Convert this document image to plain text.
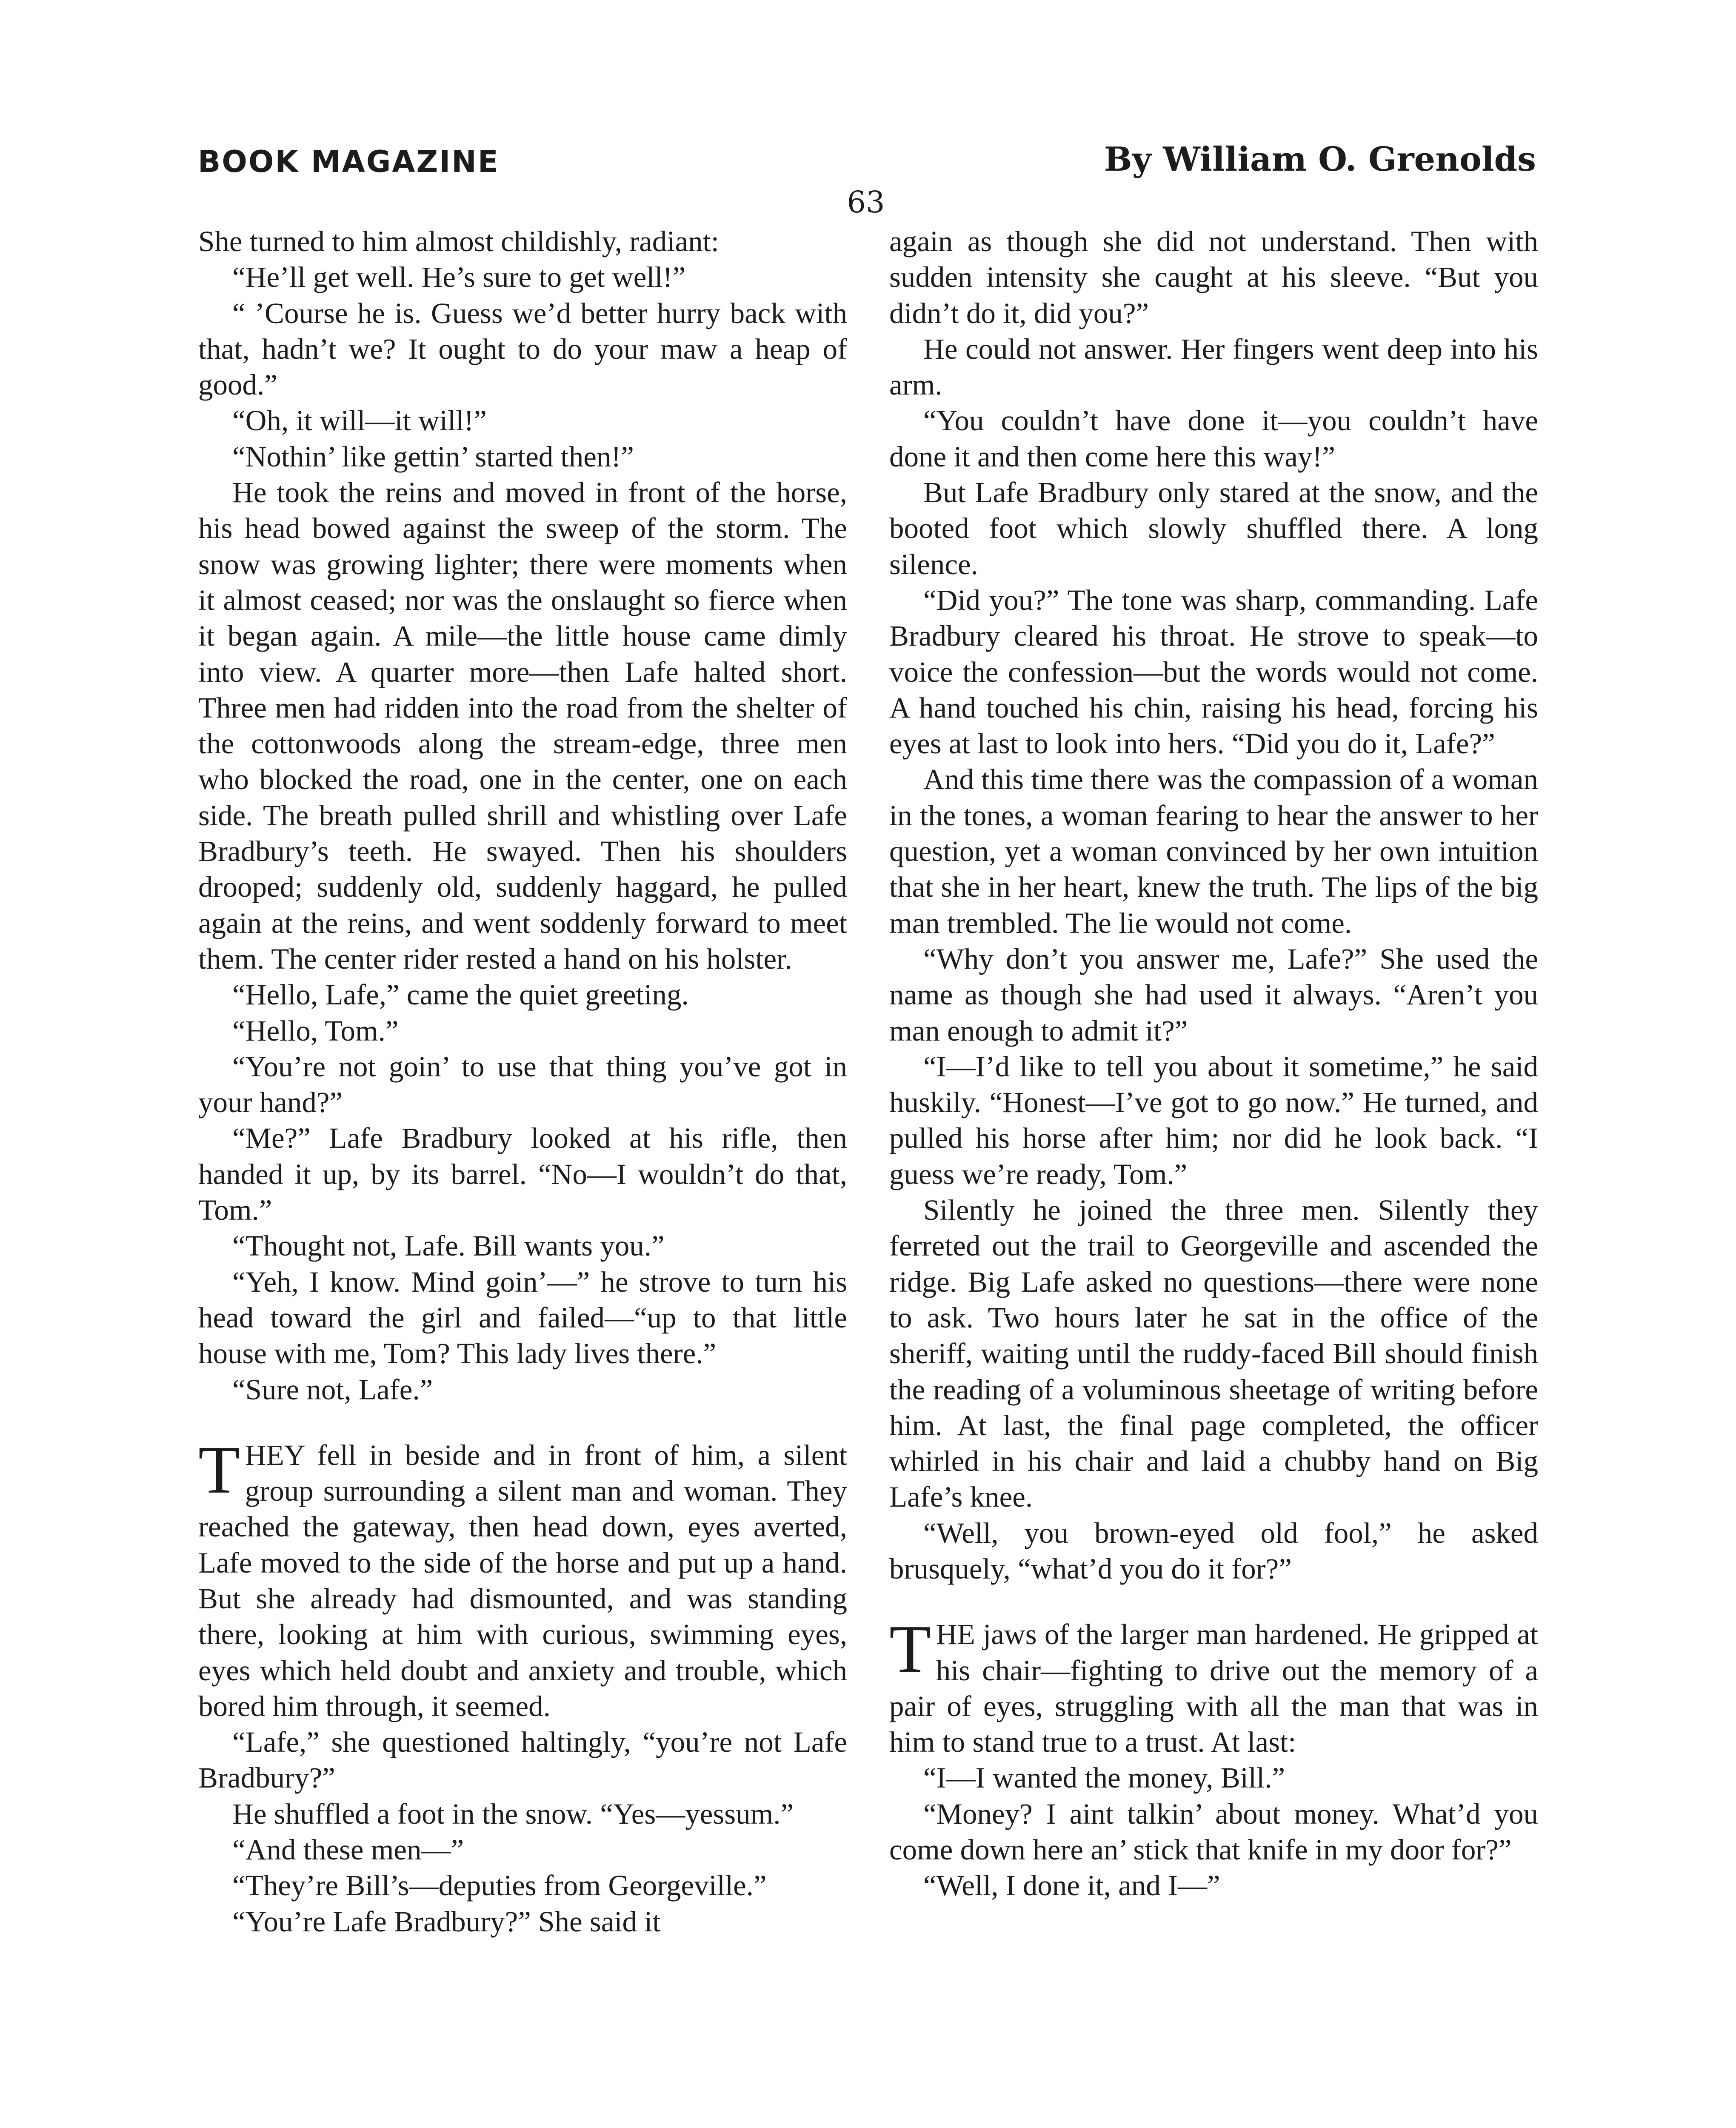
BOOK MAGAZINE	By William O. Grenolds
63

She turned to him almost childishly, radiant:

“He’ll get well. He’s sure to get well!”

“ ’Course he is. Guess we’d better hurry back with that, hadn’t we? It ought to do your maw a heap of good.”

“Oh, it will—it will!”

“Nothin’ like gettin’ started then!”

He took the reins and moved in front of the horse, his head bowed against the sweep of the storm. The snow was growing lighter; there were moments when it almost ceased; nor was the onslaught so fierce when it began again. A mile—the little house came dimly into view. A quarter more—then Lafe halted short. Three men had ridden into the road from the shelter of the cottonwoods along the stream-edge, three men who blocked the road, one in the center, one on each side. The breath pulled shrill and whistling over Lafe Bradbury’s teeth. He swayed. Then his shoulders drooped; suddenly old, suddenly haggard, he pulled again at the reins, and went soddenly forward to meet them. The center rider rested a hand on his holster.

“Hello, Lafe,” came the quiet greeting.

“Hello, Tom.”

“You’re not goin’ to use that thing you’ve got in your hand?”

“Me?” Lafe Bradbury looked at his rifle, then handed it up, by its barrel. “No—I wouldn’t do that, Tom.”

“Thought not, Lafe. Bill wants you.”

“Yeh, I know. Mind goin’—” he strove to turn his head toward the girl and failed—“up to that little house with me, Tom? This lady lives there.”

“Sure not, Lafe.”

THEY fell in beside and in front of him, a silent group surrounding a silent man and woman. They reached the gateway, then head down, eyes averted, Lafe moved to the side of the horse and put up a hand. But she already had dismounted, and was standing there, looking at him with curious, swimming eyes, eyes which held doubt and anxiety and trouble, which bored him through, it seemed.

“Lafe,” she questioned haltingly, “you’re not Lafe Bradbury?”

He shuffled a foot in the snow. “Yes—yessum.”

“And these men—”

“They’re Bill’s—deputies from Georgeville.”

“You’re Lafe Bradbury?” She said it

again as though she did not understand. Then with sudden intensity she caught at his sleeve. “But you didn’t do it, did you?”

He could not answer. Her fingers went deep into his arm.

“You couldn’t have done it—you couldn’t have done it and then come here this way!”

But Lafe Bradbury only stared at the snow, and the booted foot which slowly shuffled there. A long silence.

“Did you?” The tone was sharp, commanding. Lafe Bradbury cleared his throat. He strove to speak—to voice the confession—but the words would not come. A hand touched his chin, raising his head, forcing his eyes at last to look into hers. “Did you do it, Lafe?”

And this time there was the compassion of a woman in the tones, a woman fearing to hear the answer to her question, yet a woman convinced by her own intuition that she in her heart, knew the truth. The lips of the big man trembled. The lie would not come.

“Why don’t you answer me, Lafe?” She used the name as though she had used it always. “Aren’t you man enough to admit it?”

“I—I’d like to tell you about it sometime,” he said huskily. “Honest—I’ve got to go now.” He turned, and pulled his horse after him; nor did he look back. “I guess we’re ready, Tom.”

Silently he joined the three men. Silently they ferreted out the trail to Georgeville and ascended the ridge. Big Lafe asked no questions—there were none to ask. Two hours later he sat in the office of the sheriff, waiting until the ruddy-faced Bill should finish the reading of a voluminous sheetage of writing before him. At last, the final page completed, the officer whirled in his chair and laid a chubby hand on Big Lafe’s knee.

“Well, you brown-eyed old fool,” he asked brusquely, “what’d you do it for?”

THE jaws of the larger man hardened. He gripped at his chair—fighting to drive out the memory of a pair of eyes, struggling with all the man that was in him to stand true to a trust. At last:

“I—I wanted the money, Bill.”

“Money? I aint talkin’ about money. What’d you come down here an’ stick that knife in my door for?”

“Well, I done it, and I—”
